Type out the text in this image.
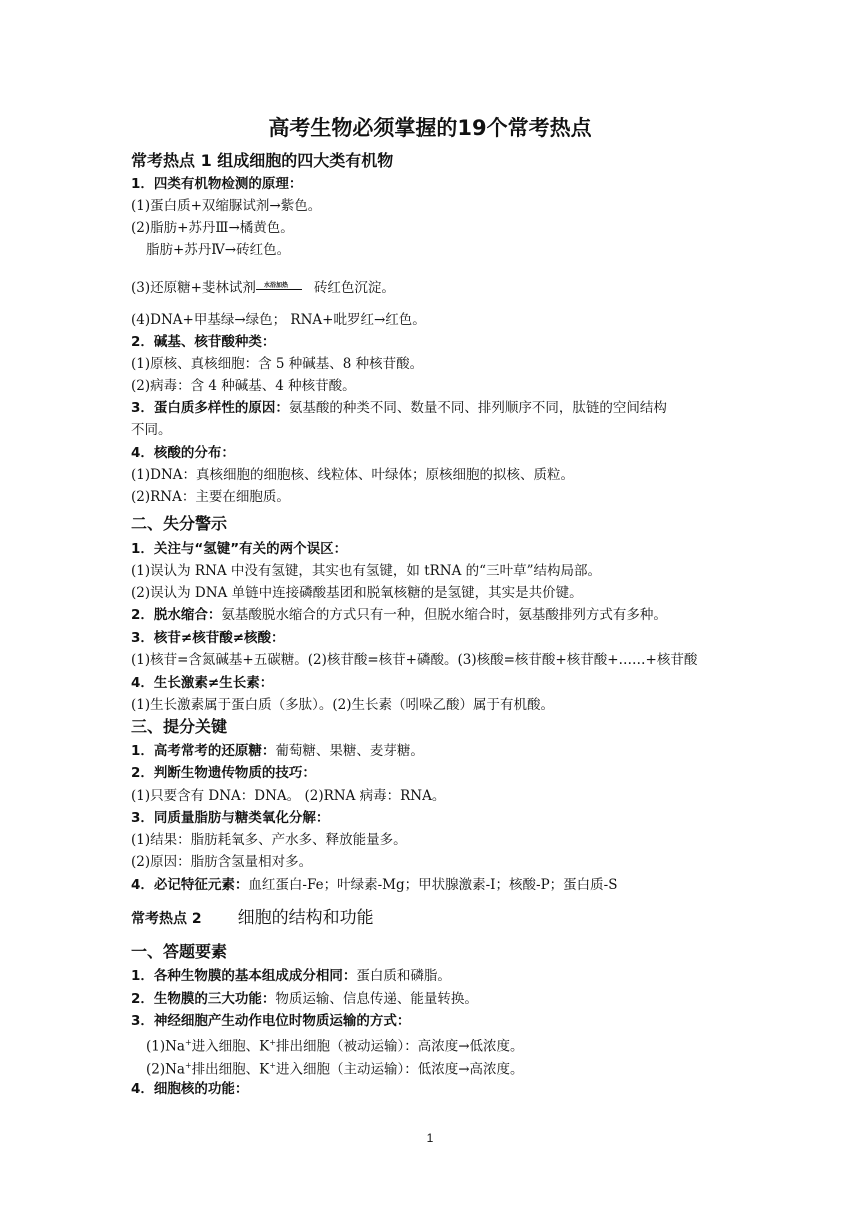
高考生物必须掌握的19个常考热点
常考热点 1 组成细胞的四大类有机物
1．四类有机物检测的原理：
(1)蛋白质+双缩脲试剂→紫色。
(2)脂肪+苏丹Ⅲ→橘黄色。
脂肪+苏丹Ⅳ→砖红色。
(3)还原糖+斐林试剂 水浴加热 砖红色沉淀。
(4)DNA+甲基绿→绿色； RNA+吡罗红→红色。
2．碱基、核苷酸种类：
(1)原核、真核细胞：含 5 种碱基、8 种核苷酸。
(2)病毒：含 4 种碱基、4 种核苷酸。
3．蛋白质多样性的原因：氨基酸的种类不同、数量不同、排列顺序不同，肽链的空间结构
不同。
4．核酸的分布：
(1)DNA：真核细胞的细胞核、线粒体、叶绿体；原核细胞的拟核、质粒。
(2)RNA：主要在细胞质。
二、失分警示
1．关注与“氢键”有关的两个误区：
(1)误认为 RNA 中没有氢键，其实也有氢键，如 tRNA 的“三叶草”结构局部。
(2)误认为 DNA 单链中连接磷酸基团和脱氧核糖的是氢键，其实是共价键。
2．脱水缩合：氨基酸脱水缩合的方式只有一种，但脱水缩合时，氨基酸排列方式有多种。
3．核苷≠核苷酸≠核酸：
(1)核苷=含氮碱基+五碳糖。(2)核苷酸=核苷+磷酸。(3)核酸=核苷酸+核苷酸+……+核苷酸
4．生长激素≠生长素：
(1)生长激素属于蛋白质（多肽）。(2)生长素（吲哚乙酸）属于有机酸。
三、提分关键
1．高考常考的还原糖：葡萄糖、果糖、麦芽糖。
2．判断生物遗传物质的技巧：
(1)只要含有 DNA：DNA。 (2)RNA 病毒：RNA。
3．同质量脂肪与糖类氧化分解：
(1)结果：脂肪耗氧多、产水多、释放能量多。
(2)原因：脂肪含氢量相对多。
4．必记特征元素：血红蛋白-Fe；叶绿素-Mg；甲状腺激素-I；核酸-P；蛋白质-S
常考热点 2 细胞的结构和功能
一、答题要素
1．各种生物膜的基本组成成分相同：蛋白质和磷脂。
2．生物膜的三大功能：物质运输、信息传递、能量转换。
3．神经细胞产生动作电位时物质运输的方式：
(1)Na+进入细胞、K+排出细胞（被动运输）：高浓度→低浓度。
(2)Na+排出细胞、K+进入细胞（主动运输）：低浓度→高浓度。
4．细胞核的功能：
1
